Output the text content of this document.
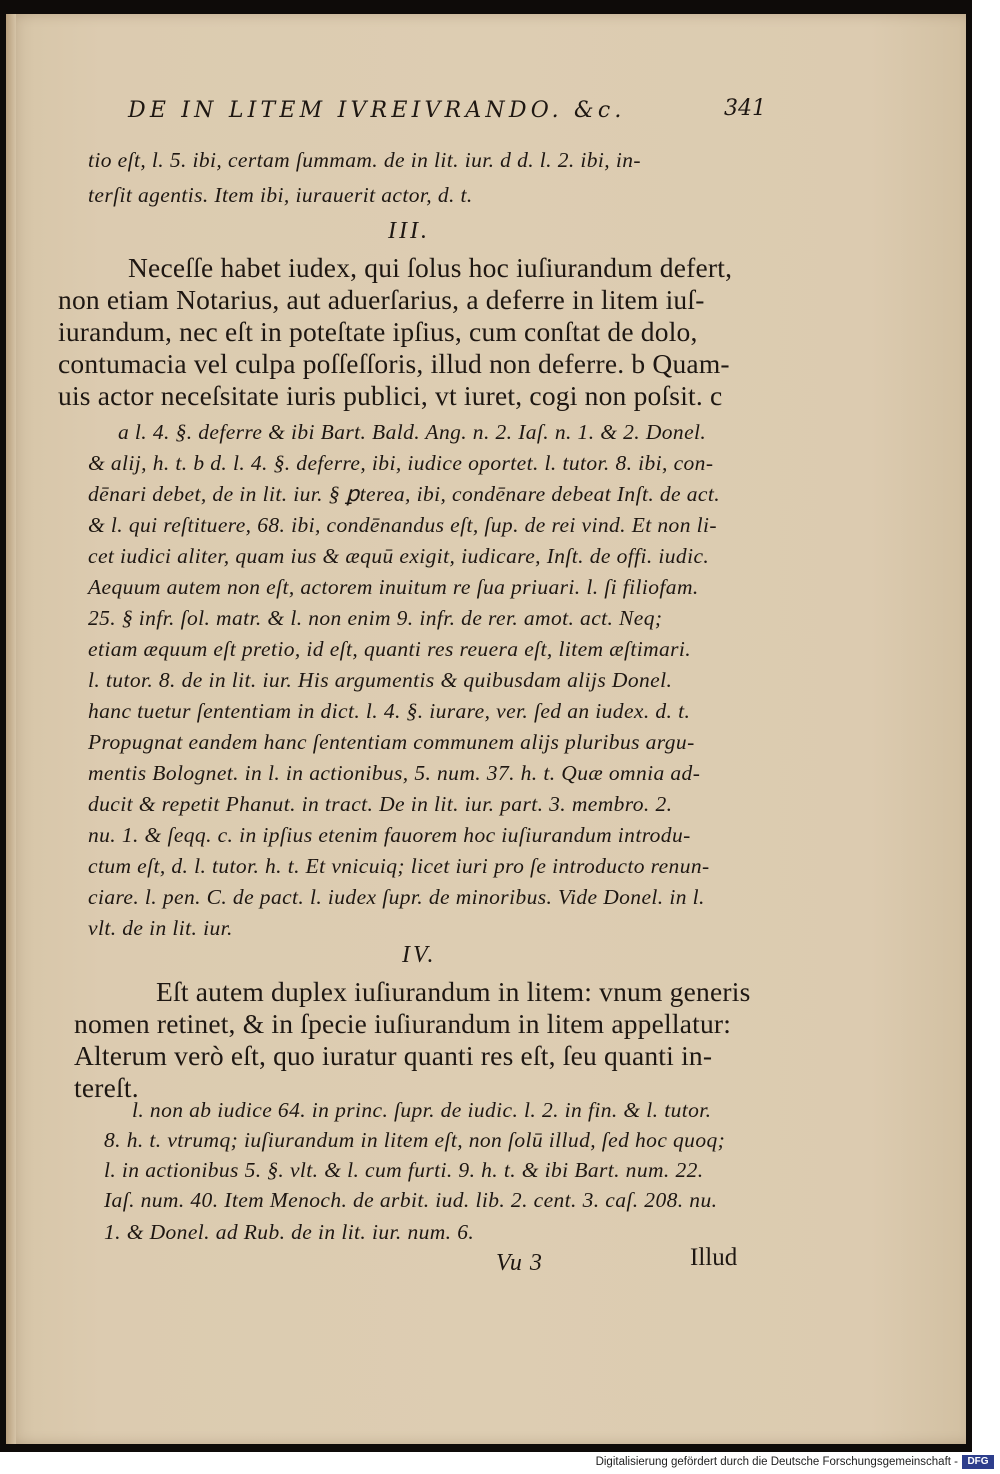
DE IN LITEM IVREIVRANDO. &c.	341
tio eſt, l. 5. ibi, certam ſummam. de in lit. iur. d d. l. 2. ibi, in-
terſit agentis. Item ibi, iurauerit actor, d. t.
III.
Neceſſe habet iudex, qui ſolus hoc iuſiurandum defert,
non etiam Notarius, aut aduerſarius, a deferre in litem iuſ-
iurandum, nec eſt in poteſtate ipſius, cum conſtat de dolo,
contumacia vel culpa poſſeſſoris, illud non deferre. b Quam-
uis actor neceſsitate iuris publici, vt iuret, cogi non poſsit. c
a l. 4. §. deferre & ibi Bart. Bald. Ang. n. 2. Iaſ. n. 1. & 2. Donel.
& alij, h. t. b d. l. 4. §. deferre, ibi, iudice oportet. l. tutor. 8. ibi, con-
dēnari debet, de in lit. iur. § ꝑterea, ibi, condēnare debeat Inſt. de act.
& l. qui reſtituere, 68. ibi, condēnandus eſt, ſup. de rei vind. Et non li-
cet iudici aliter, quam ius & æquū exigit, iudicare, Inſt. de offi. iudic.
Aequum autem non eſt, actorem inuitum re ſua priuari. l. ſi filiofam.
25. § infr. ſol. matr. & l. non enim 9. infr. de rer. amot. act. Neq;
etiam æquum eſt pretio, id eſt, quanti res reuera eſt, litem æſtimari.
l. tutor. 8. de in lit. iur. His argumentis & quibusdam alijs Donel.
hanc tuetur ſententiam in dict. l. 4. §. iurare, ver. ſed an iudex. d. t.
Propugnat eandem hanc ſententiam communem alijs pluribus argu-
mentis Bolognet. in l. in actionibus, 5. num. 37. h. t. Quæ omnia ad-
ducit & repetit Phanut. in tract. De in lit. iur. part. 3. membro. 2.
nu. 1. & ſeqq. c. in ipſius etenim fauorem hoc iuſiurandum introdu-
ctum eſt, d. l. tutor. h. t. Et vnicuiq; licet iuri pro ſe introducto renun-
ciare. l. pen. C. de pact. l. iudex ſupr. de minoribus. Vide Donel. in l.
vlt. de in lit. iur.
IV.
Eſt autem duplex iuſiurandum in litem: vnum generis
nomen retinet, & in ſpecie iuſiurandum in litem appellatur:
Alterum verò eſt, quo iuratur quanti res eſt, ſeu quanti in-
tereſt.
l. non ab iudice 64. in princ. ſupr. de iudic. l. 2. in fin. & l. tutor.
8. h. t. vtrumq; iuſiurandum in litem eſt, non ſolū illud, ſed hoc quoq;
l. in actionibus 5. §. vlt. & l. cum furti. 9. h. t. & ibi Bart. num. 22.
Iaſ. num. 40. Item Menoch. de arbit. iud. lib. 2. cent. 3. caſ. 208. nu.
1. & Donel. ad Rub. de in lit. iur. num. 6.
Vu 3	Illud
Digitalisierung gefördert durch die Deutsche Forschungsgemeinschaft - DFG
